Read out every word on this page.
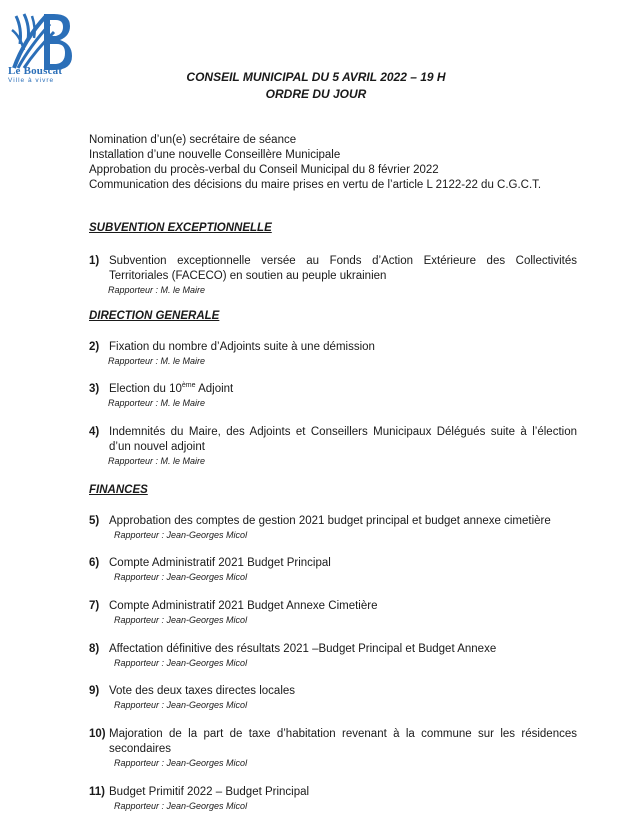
Le Bouscat
Ville à vivre	CONSEIL MUNICIPAL DU 5 AVRIL 2022 – 19 H
ORDRE DU JOUR
Nomination d’un(e) secrétaire de séance
Installation d’une nouvelle Conseillère Municipale
Approbation du procès-verbal du Conseil Municipal du 8 février 2022
Communication des décisions du maire prises en vertu de l’article L 2122-22 du C.G.C.T.
SUBVENTION EXCEPTIONNELLE
1) Subvention exceptionnelle versée au Fonds d’Action Extérieure des Collectivités Territoriales (FACECO) en soutien au peuple ukrainien
Rapporteur : M. le Maire
DIRECTION GENERALE
2) Fixation du nombre d’Adjoints suite à une démission
Rapporteur : M. le Maire
3) Election du 10ème Adjoint
Rapporteur : M. le Maire
4) Indemnités du Maire, des Adjoints et Conseillers Municipaux Délégués suite à l’élection d’un nouvel adjoint
Rapporteur : M. le Maire
FINANCES
5) Approbation des comptes de gestion 2021 budget principal et budget annexe cimetière
Rapporteur : Jean-Georges Micol
6) Compte Administratif 2021 Budget Principal
Rapporteur : Jean-Georges Micol
7) Compte Administratif 2021 Budget Annexe Cimetière
Rapporteur : Jean-Georges Micol
8) Affectation définitive des résultats 2021 –Budget Principal et Budget Annexe
Rapporteur : Jean-Georges Micol
9) Vote des deux taxes directes locales
Rapporteur : Jean-Georges Micol
10) Majoration de la part de taxe d’habitation revenant à la commune sur les résidences secondaires
Rapporteur : Jean-Georges Micol
11) Budget Primitif 2022 – Budget Principal
Rapporteur : Jean-Georges Micol
